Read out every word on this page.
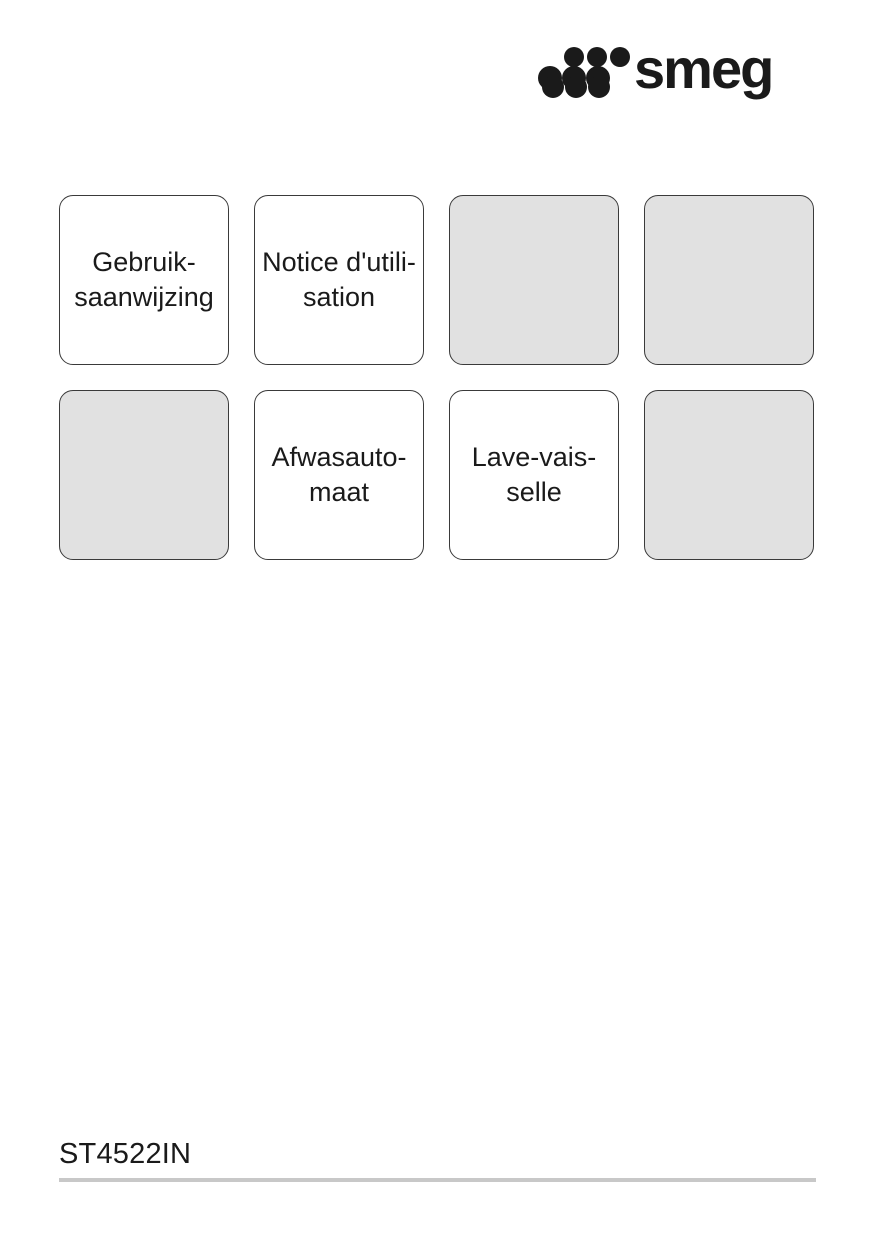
smeg
Gebruik-
saanwijzing
Notice d'utili-
sation
Afwasauto-
maat
Lave-vais-
selle
ST4522IN
